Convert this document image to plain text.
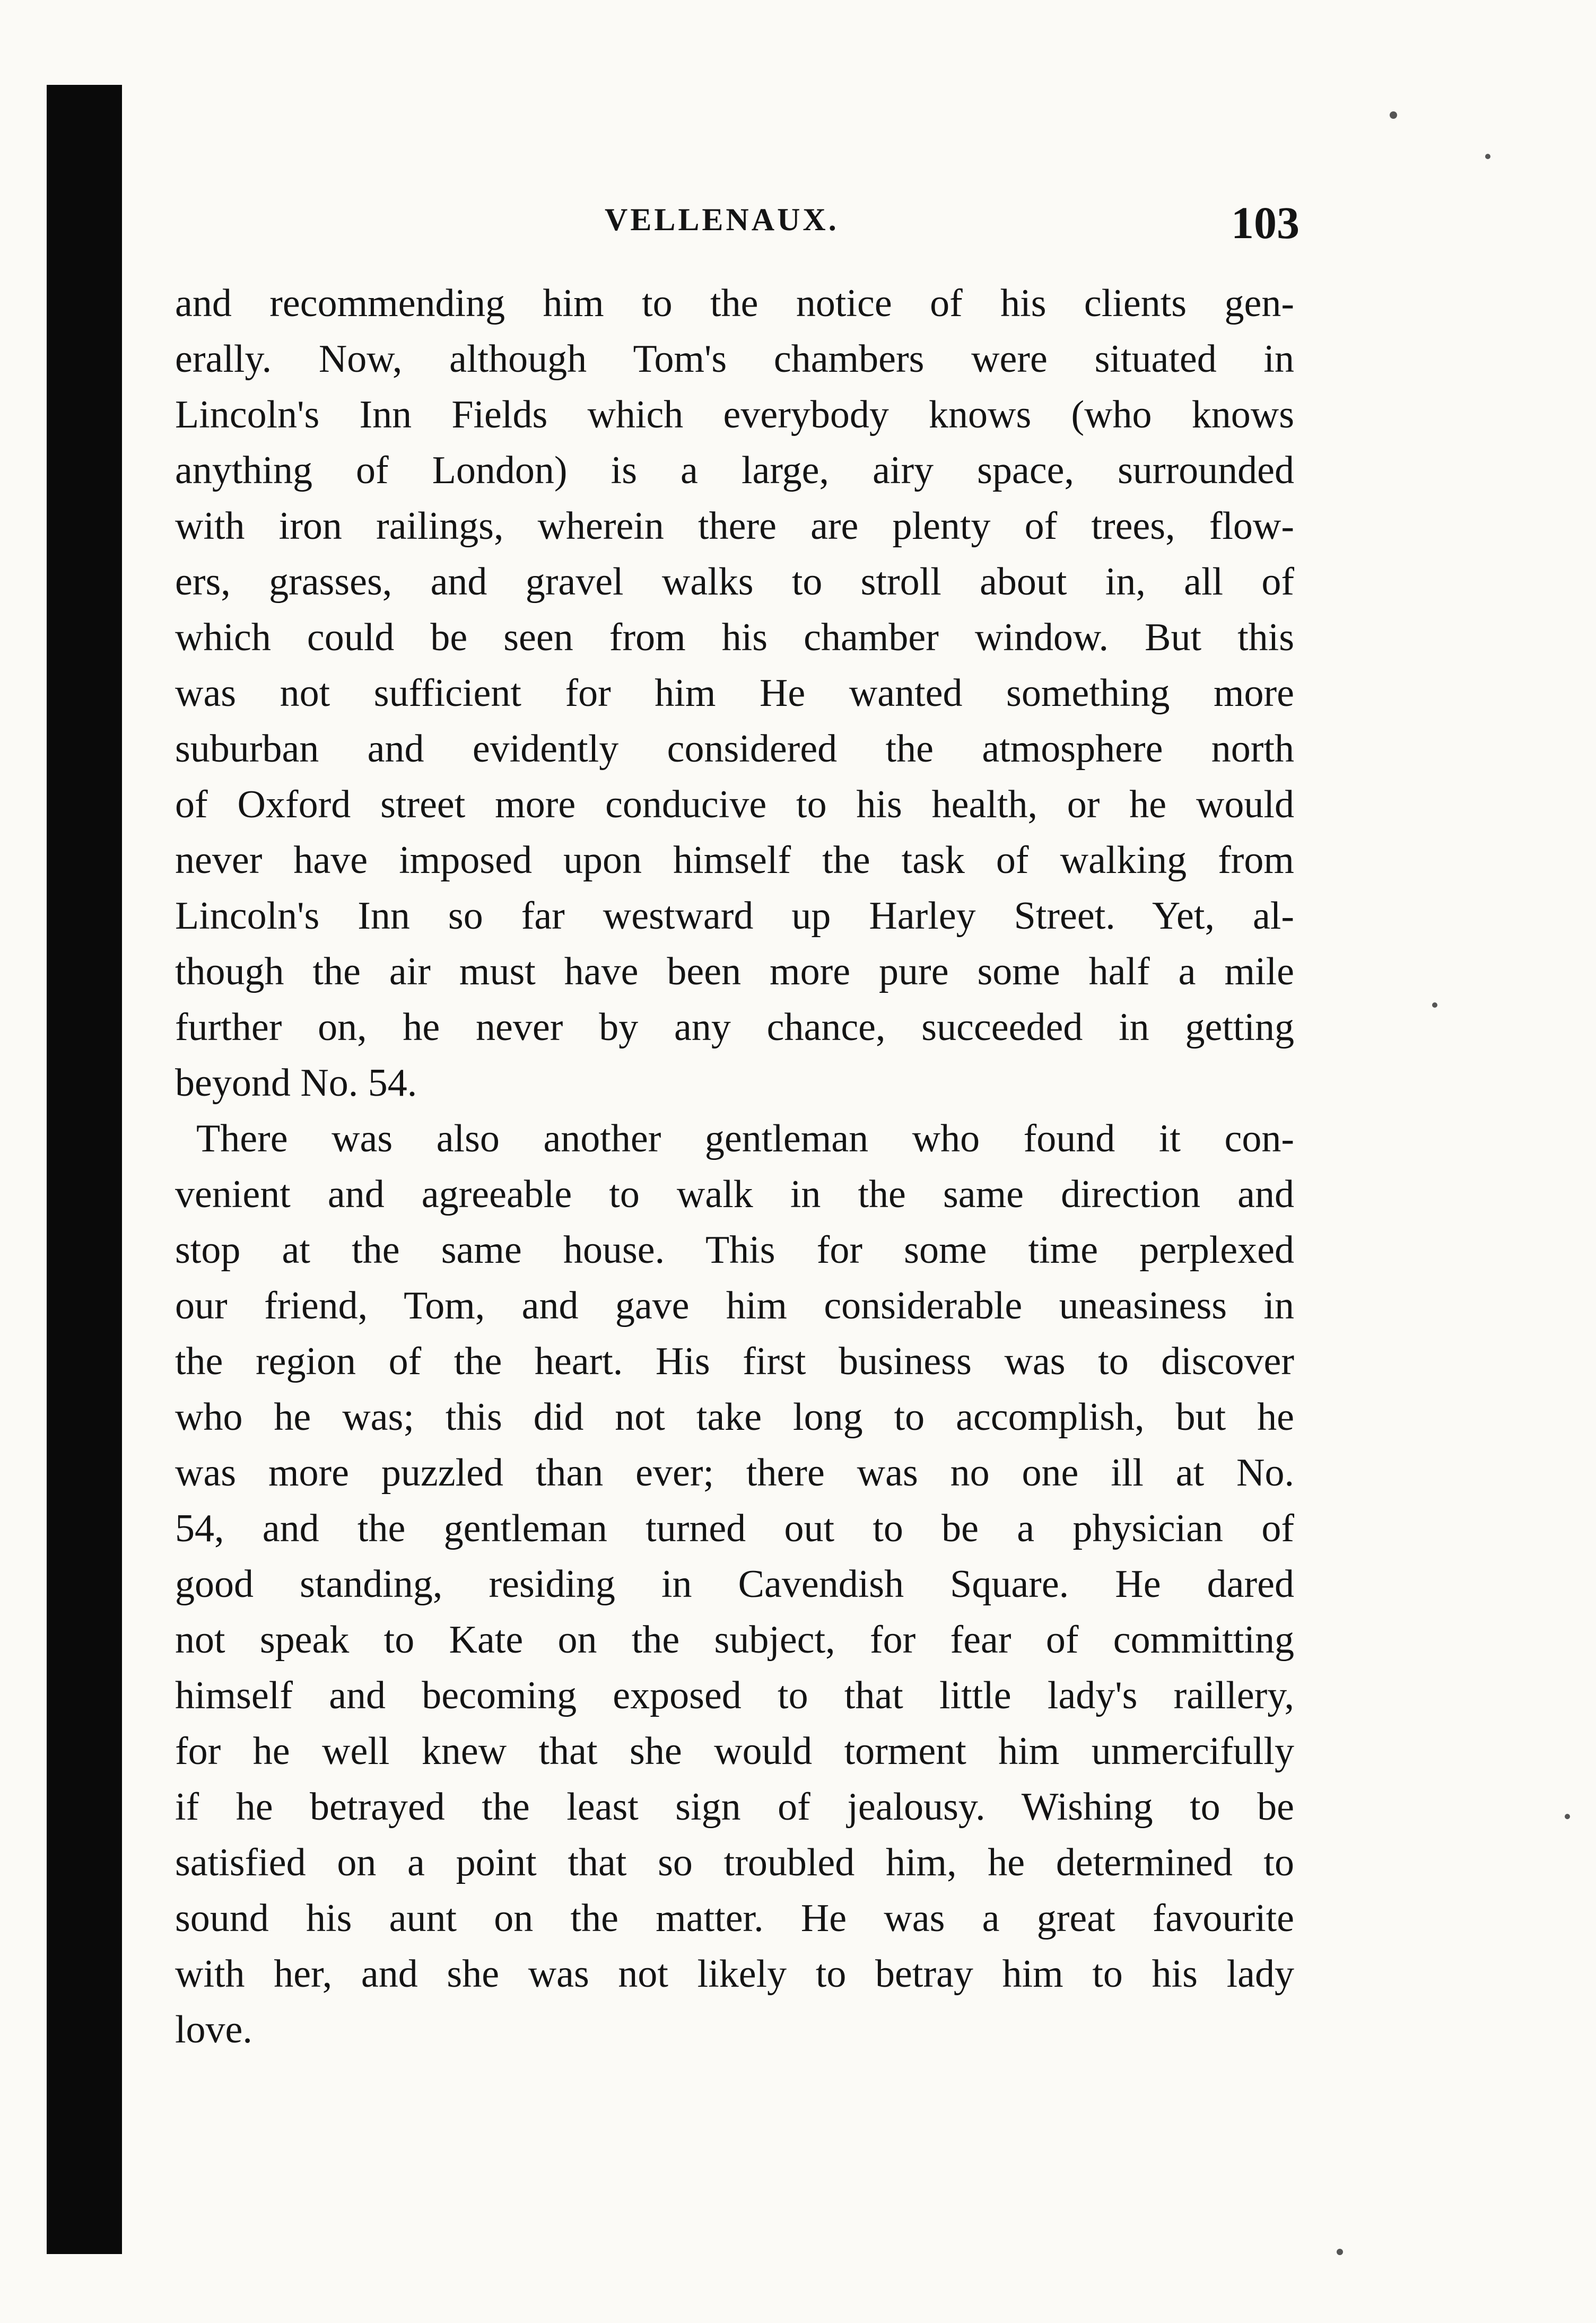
VELLENAUX.	103
and recommending him to the notice of his clients gen-
erally. Now, although Tom's chambers were situated in
Lincoln's Inn Fields which everybody knows (who knows
anything of London) is a large, airy space, surrounded
with iron railings, wherein there are plenty of trees, flow-
ers, grasses, and gravel walks to stroll about in, all of
which could be seen from his chamber window. But this
was not sufficient for him He wanted something more
suburban and evidently considered the atmosphere north
of Oxford street more conducive to his health, or he would
never have imposed upon himself the task of walking from
Lincoln's Inn so far westward up Harley Street. Yet, al-
though the air must have been more pure some half a mile
further on, he never by any chance, succeeded in getting
beyond No. 54.
There was also another gentleman who found it con-
venient and agreeable to walk in the same direction and
stop at the same house. This for some time perplexed
our friend, Tom, and gave him considerable uneasiness in
the region of the heart. His first business was to discover
who he was; this did not take long to accomplish, but he
was more puzzled than ever; there was no one ill at No.
54, and the gentleman turned out to be a physician of
good standing, residing in Cavendish Square. He dared
not speak to Kate on the subject, for fear of committing
himself and becoming exposed to that little lady's raillery,
for he well knew that she would torment him unmercifully
if he betrayed the least sign of jealousy. Wishing to be
satisfied on a point that so troubled him, he determined to
sound his aunt on the matter. He was a great favourite
with her, and she was not likely to betray him to his lady
love.
